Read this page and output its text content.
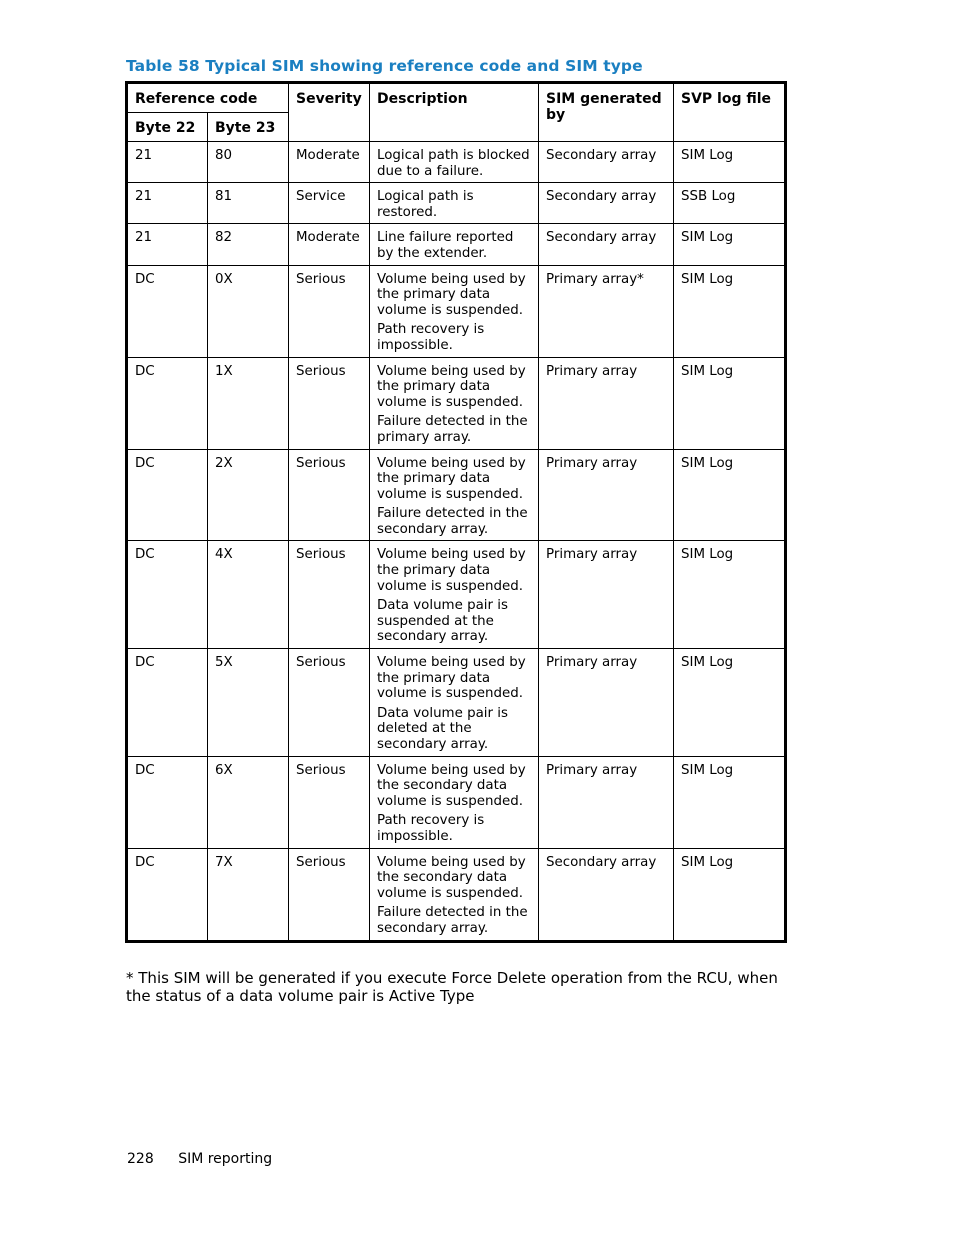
Table 58 Typical SIM showing reference code and SIM type
Reference code		Severity	Description	SIM generated by	SVP log file
Byte 22	Byte 23				
21	80	Moderate	Logical path is blocked due to a failure.	Secondary array	SIM Log
21	81	Service	Logical path is restored.	Secondary array	SSB Log
21	82	Moderate	Line failure reported by the extender.	Secondary array	SIM Log
DC	0X	Serious	Volume being used by the primary data volume is suspended.

Path recovery is impossible.	Primary array*	SIM Log
DC	1X	Serious	Volume being used by the primary data volume is suspended.

Failure detected in the primary array.	Primary array	SIM Log
DC	2X	Serious	Volume being used by the primary data volume is suspended.

Failure detected in the secondary array.	Primary array	SIM Log
DC	4X	Serious	Volume being used by the primary data volume is suspended.

Data volume pair is suspended at the secondary array.	Primary array	SIM Log
DC	5X	Serious	Volume being used by the primary data volume is suspended.

Data volume pair is deleted at the secondary array.	Primary array	SIM Log
DC	6X	Serious	Volume being used by the secondary data volume is suspended.

Path recovery is impossible.	Primary array	SIM Log
DC	7X	Serious	Volume being used by the secondary data volume is suspended.

Failure detected in the secondary array.	Secondary array	SIM Log
* This SIM will be generated if you execute Force Delete operation from the RCU, when the status of a data volume pair is Active Type
228 SIM reporting
